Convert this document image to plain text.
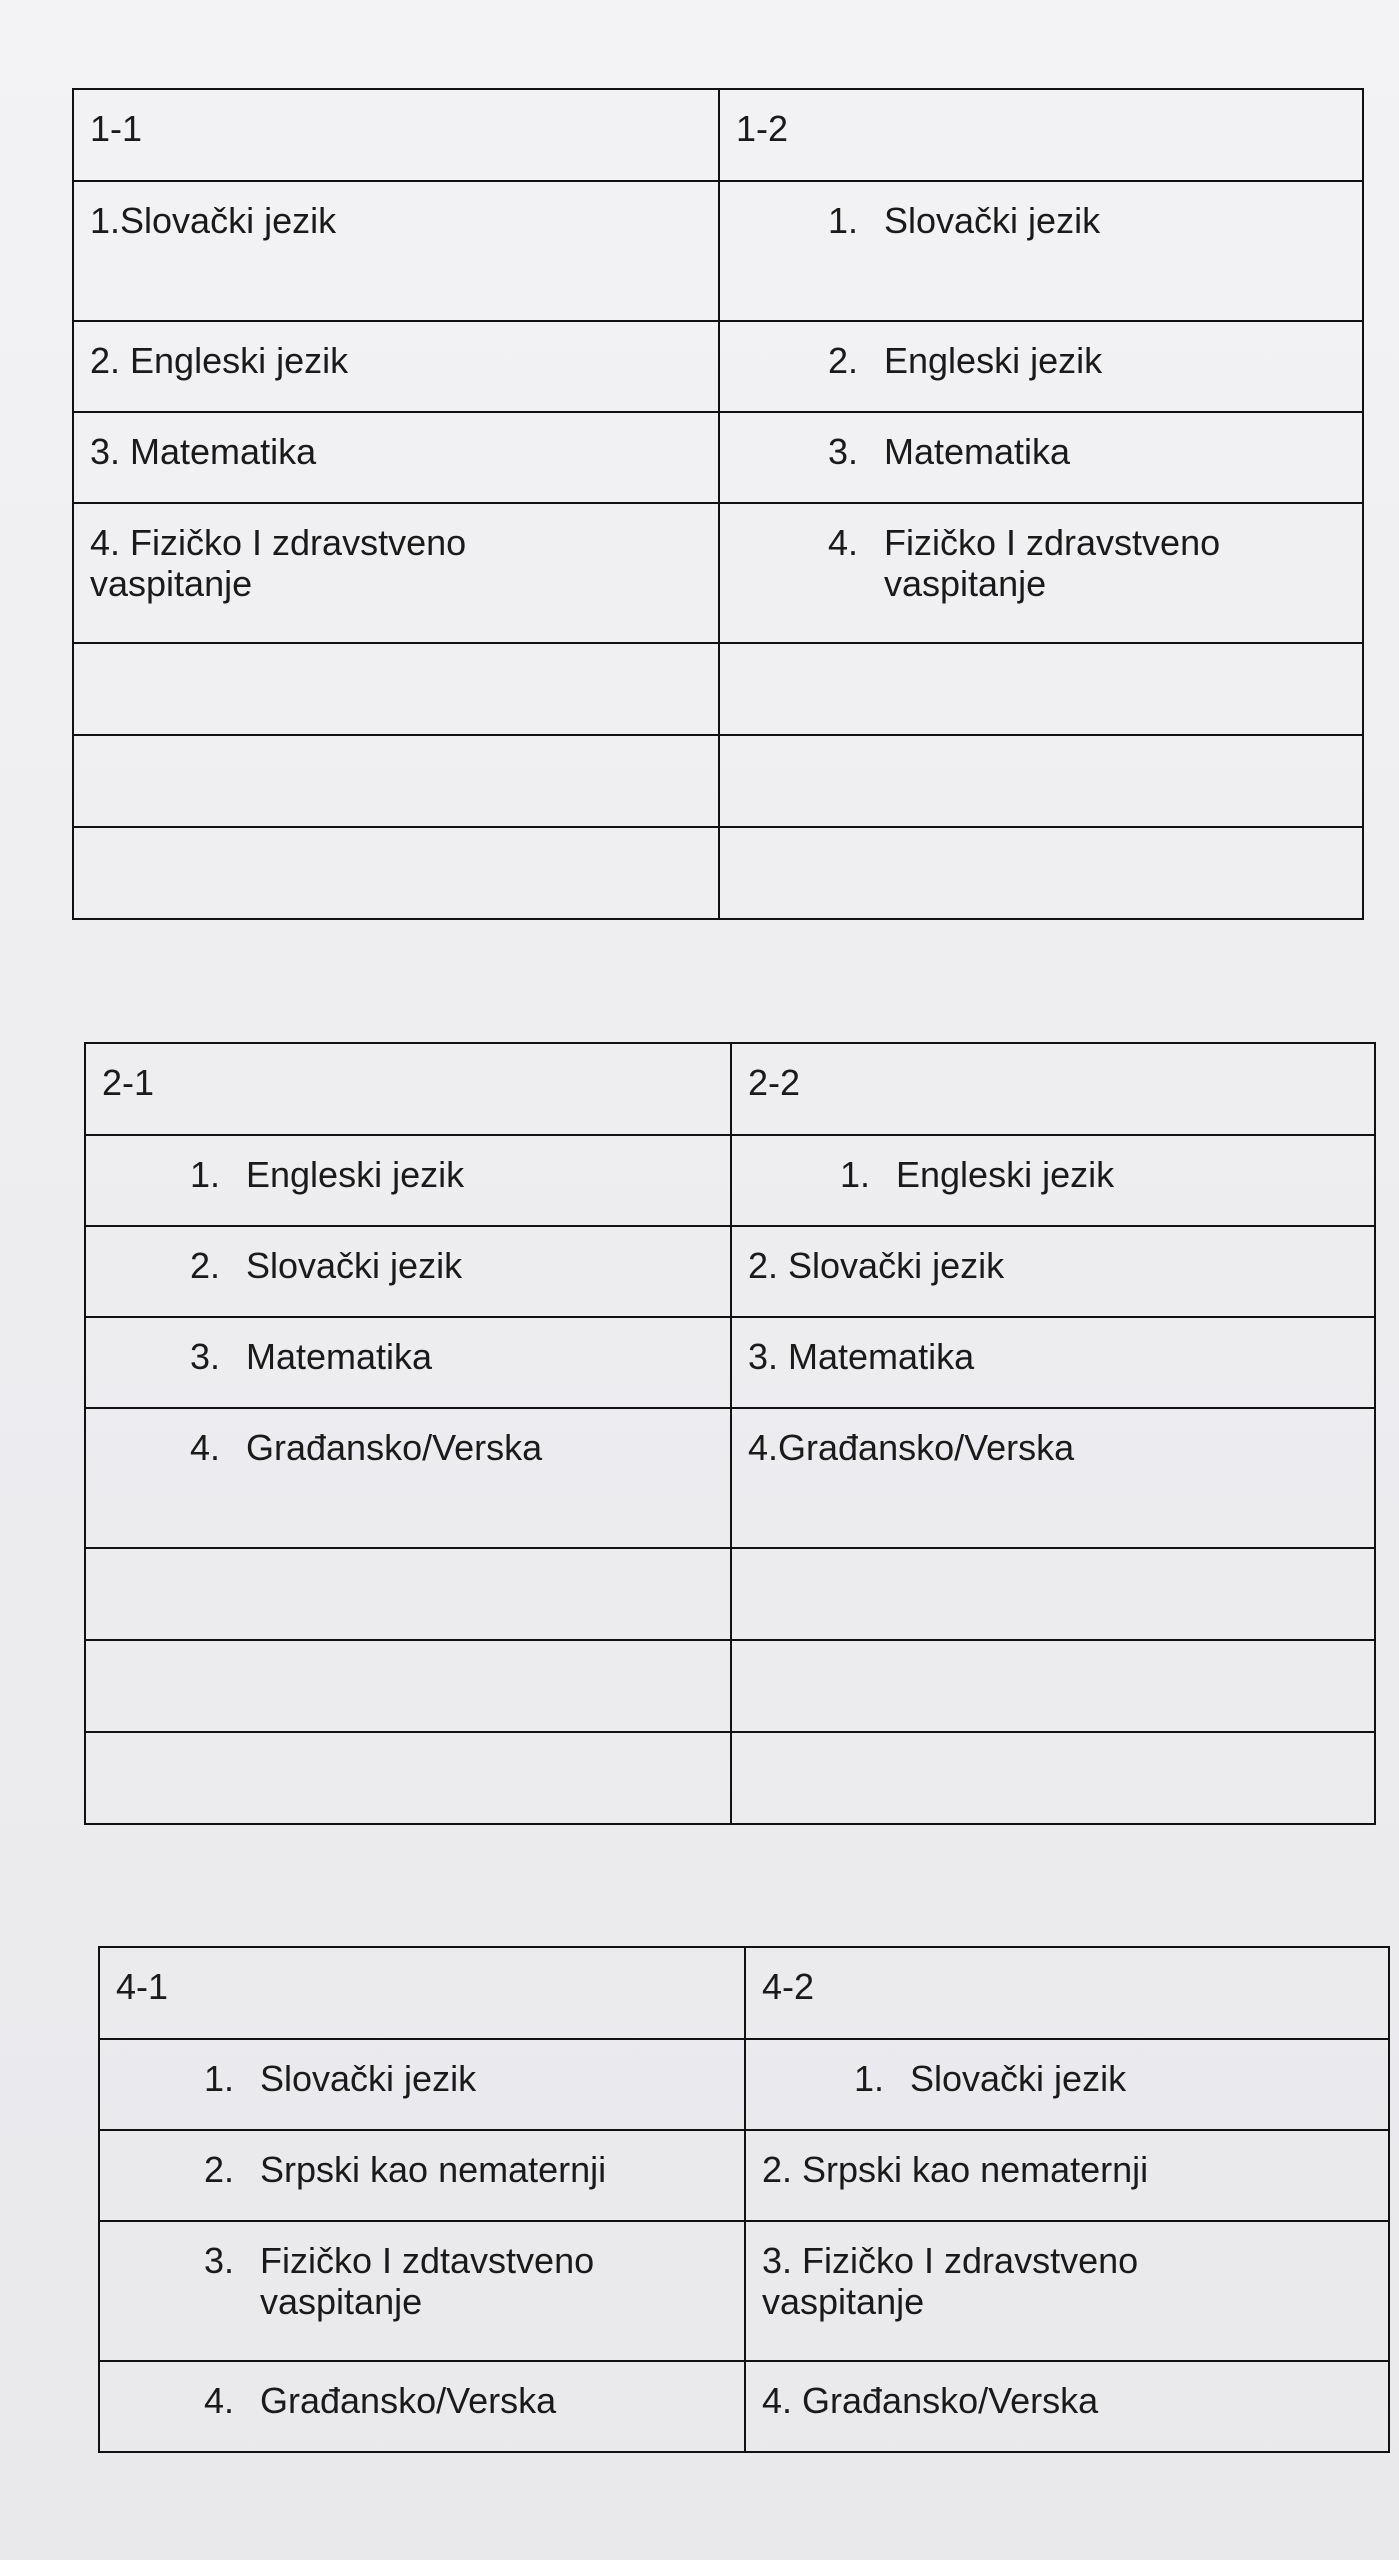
1-1	1-2
1.Slovački jezik	1. Slovački jezik

2. Engleski jezik	2. Engleski jezik

3. Matematika	3. Matematika

4. Fizičko I zdravstveno vaspitanje	4. Fizičko I zdravstveno vaspitanje

2-1	2-2

1. Engleski jezik	1. Engleski jezik

2. Slovački jezik	2. Slovački jezik

3. Matematika	3. Matematika

4. Građansko/Verska	4.Građansko/Verska

4-1	4-2

1. Slovački jezik	1. Slovački jezik

2. Srpski kao nematernji	2. Srpski kao nematernji

3. Fizičko I zdtavstveno vaspitanje	3. Fizičko I zdravstveno vaspitanje

4. Građansko/Verska	4. Građansko/Verska
